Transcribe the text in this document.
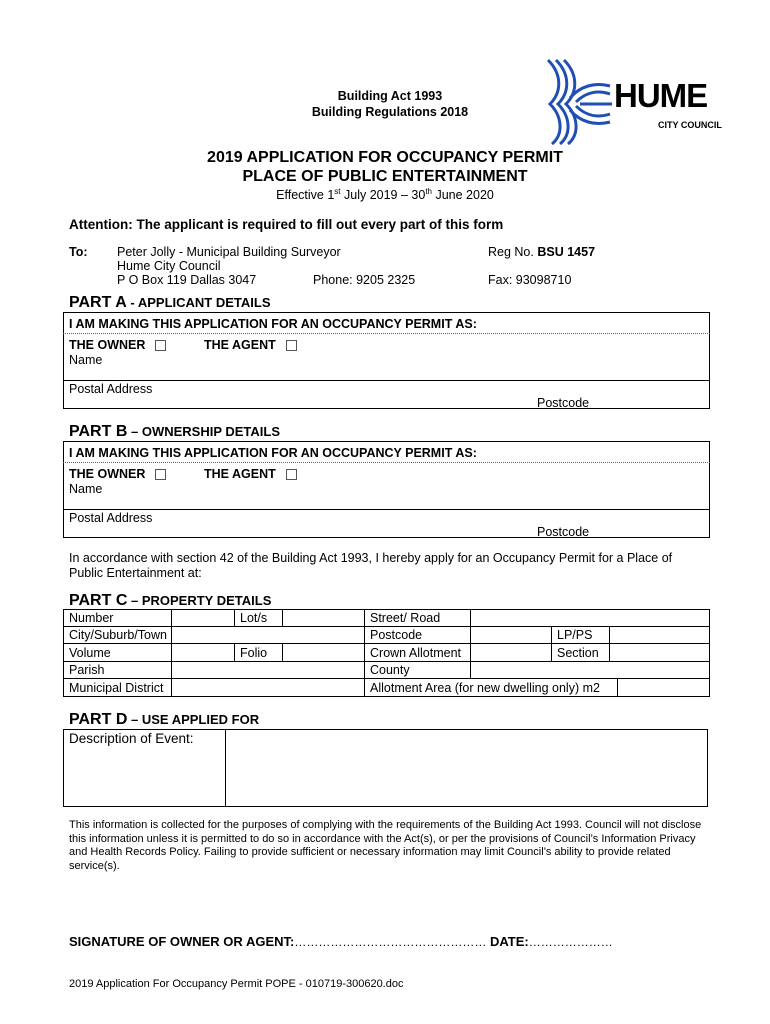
Building Act 1993
Building Regulations 2018	HUME
CITY COUNCIL
2019 APPLICATION FOR OCCUPANCY PERMIT
PLACE OF PUBLIC ENTERTAINMENT
Effective 1st July 2019 – 30th June 2020
Attention: The applicant is required to fill out every part of this form
To: Peter Jolly - Municipal Building Surveyor
Hume City Council
P O Box 119 Dallas 3047	Phone: 9205 2325
Reg No. BSU 1457
Fax: 93098710
PART A - APPLICANT DETAILS
I AM MAKING THIS APPLICATION FOR AN OCCUPANCY PERMIT AS:
THE OWNER	THE AGENT
Name
Postal Address
Postcode
PART B – OWNERSHIP DETAILS
I AM MAKING THIS APPLICATION FOR AN OCCUPANCY PERMIT AS:
THE OWNER	THE AGENT
Name
Postal Address
Postcode
In accordance with section 42 of the Building Act 1993, I hereby apply for an Occupancy Permit for a Place of Public Entertainment at:
PART C – PROPERTY DETAILS
Number	Lot/s	Street/ Road
City/Suburb/Town	Postcode	LP/PS
Volume	Folio	Crown Allotment	Section
Parish	County
Municipal District	Allotment Area (for new dwelling only) m2
PART D – USE APPLIED FOR
Description of Event:
This information is collected for the purposes of complying with the requirements of the Building Act 1993. Council will not disclose this information unless it is permitted to do so in accordance with the Act(s), or per the provisions of Council’s Information Privacy and Health Records Policy. Failing to provide sufficient or necessary information may limit Council’s ability to provide related service(s).
SIGNATURE OF OWNER OR AGENT:………………………………………… DATE:…………………
2019 Application For Occupancy Permit POPE - 010719-300620.doc
